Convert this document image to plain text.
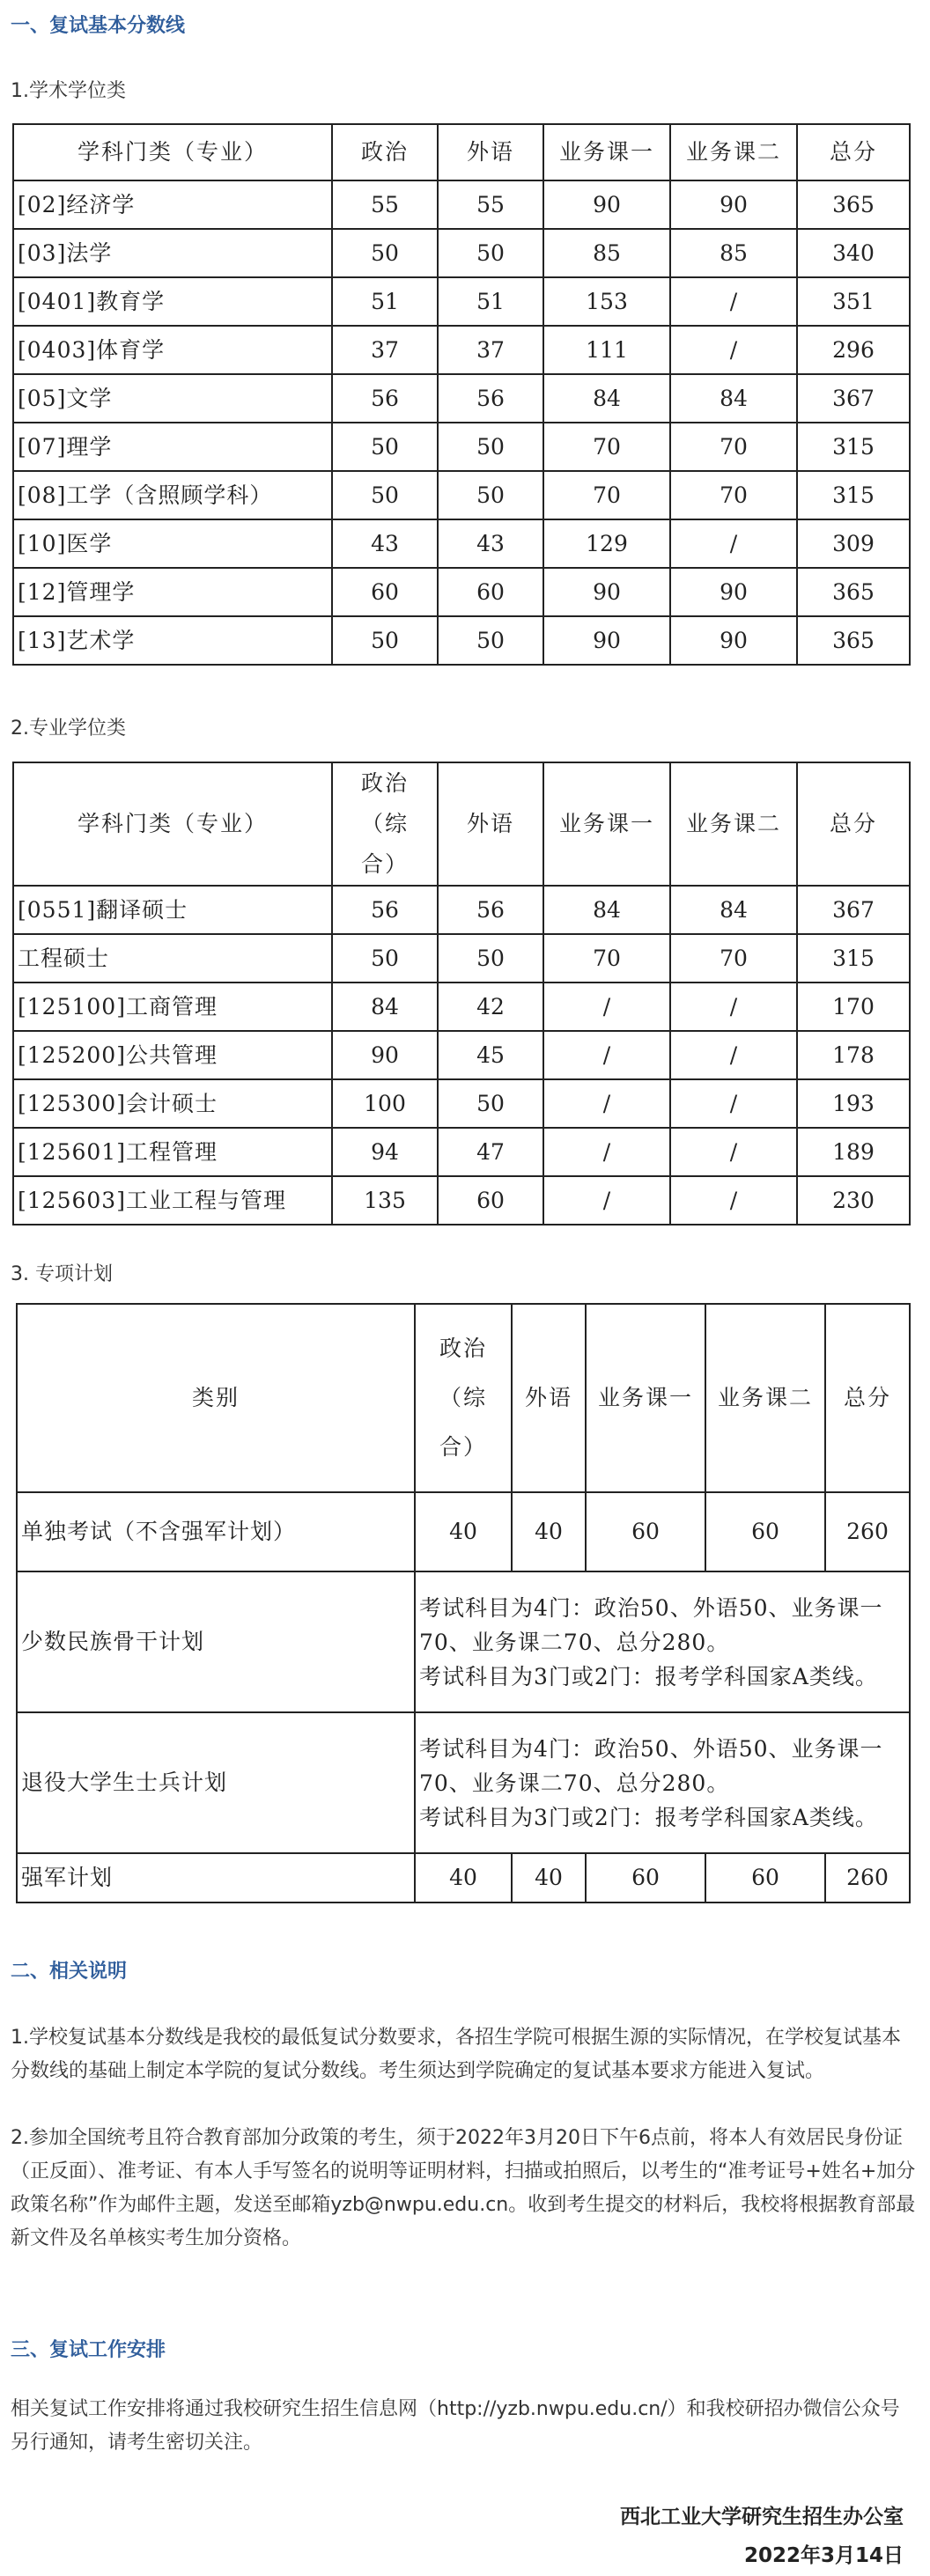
一、复试基本分数线
1.学术学位类
学科门类（专业）	政治	外语	业务课一	业务课二	总分
[02]经济学	55	55	90	90	365
[03]法学	50	50	85	85	340
[0401]教育学	51	51	153	/	351
[0403]体育学	37	37	111	/	296
[05]文学	56	56	84	84	367
[07]理学	50	50	70	70	315
[08]工学（含照顾学科）	50	50	70	70	315
[10]医学	43	43	129	/	309
[12]管理学	60	60	90	90	365
[13]艺术学	50	50	90	90	365
2.专业学位类
学科门类（专业）	政治（综合）	外语	业务课一	业务课二	总分
[0551]翻译硕士	56	56	84	84	367
工程硕士	50	50	70	70	315
[125100]工商管理	84	42	/	/	170
[125200]公共管理	90	45	/	/	178
[125300]会计硕士	100	50	/	/	193
[125601]工程管理	94	47	/	/	189
[125603]工业工程与管理	135	60	/	/	230
3. 专项计划
类别	政治（综合）	外语	业务课一	业务课二	总分
单独考试（不含强军计划）	40	40	60	60	260
少数民族骨干计划	考试科目为4门：政治50、外语50、业务课一70、业务课二70、总分280。
考试科目为3门或2门：报考学科国家A类线。				

退役大学生士兵计划	考试科目为4门：政治50、外语50、业务课一70、业务课二70、总分280。
考试科目为3门或2门：报考学科国家A类线。				

强军计划	40	40	60	60	260
二、相关说明
1.学校复试基本分数线是我校的最低复试分数要求，各招生学院可根据生源的实际情况，在学校复试基本分数线的基础上制定本学院的复试分数线。考生须达到学院确定的复试基本要求方能进入复试。
2.参加全国统考且符合教育部加分政策的考生，须于2022年3月20日下午6点前，将本人有效居民身份证（正反面）、准考证、有本人手写签名的说明等证明材料，扫描或拍照后，以考生的“准考证号+姓名+加分政策名称”作为邮件主题，发送至邮箱yzb@nwpu.edu.cn。收到考生提交的材料后，我校将根据教育部最新文件及名单核实考生加分资格。
三、复试工作安排
相关复试工作安排将通过我校研究生招生信息网（http://yzb.nwpu.edu.cn/）和我校研招办微信公众号另行通知，请考生密切关注。
西北工业大学研究生招生办公室
2022年3月14日
